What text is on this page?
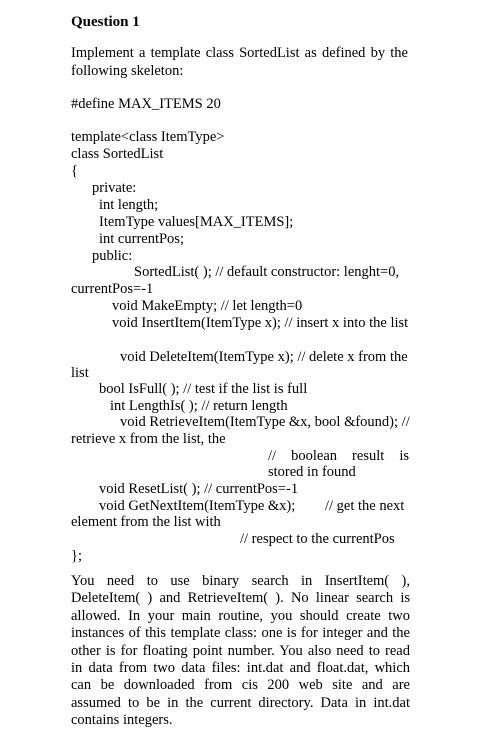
Question 1
Implement a template class SortedList as defined by the following skeleton:
#define MAX_ITEMS 20
template<class ItemType>
class SortedList
{
private:
int length;
ItemType values[MAX_ITEMS];
int currentPos;
public:
SortedList( ); // default constructor: lenght=0,
currentPos=-1
void MakeEmpty; // let length=0
void InsertItem(ItemType x); // insert x into the list
void DeleteItem(ItemType x); // delete x from the
list
bool IsFull( ); // test if the list is full
int LengthIs( ); // return length
void RetrieveItem(ItemType &x, bool &found); //
retrieve x from the list, the
// boolean result is
stored in found
void ResetList( ); // currentPos=-1
void GetNextItem(ItemType &x); // get the next
element from the list with
// respect to the currentPos
};
You need to use binary search in InsertItem( ), DeleteItem( ) and RetrieveItem( ). No linear search is allowed. In your main routine, you should create two instances of this template class: one is for integer and the other is for floating point number. You also need to read in data from two data files: int.dat and float.dat, which can be downloaded from cis 200 web site and are assumed to be in the current directory. Data in int.dat contains integers.
